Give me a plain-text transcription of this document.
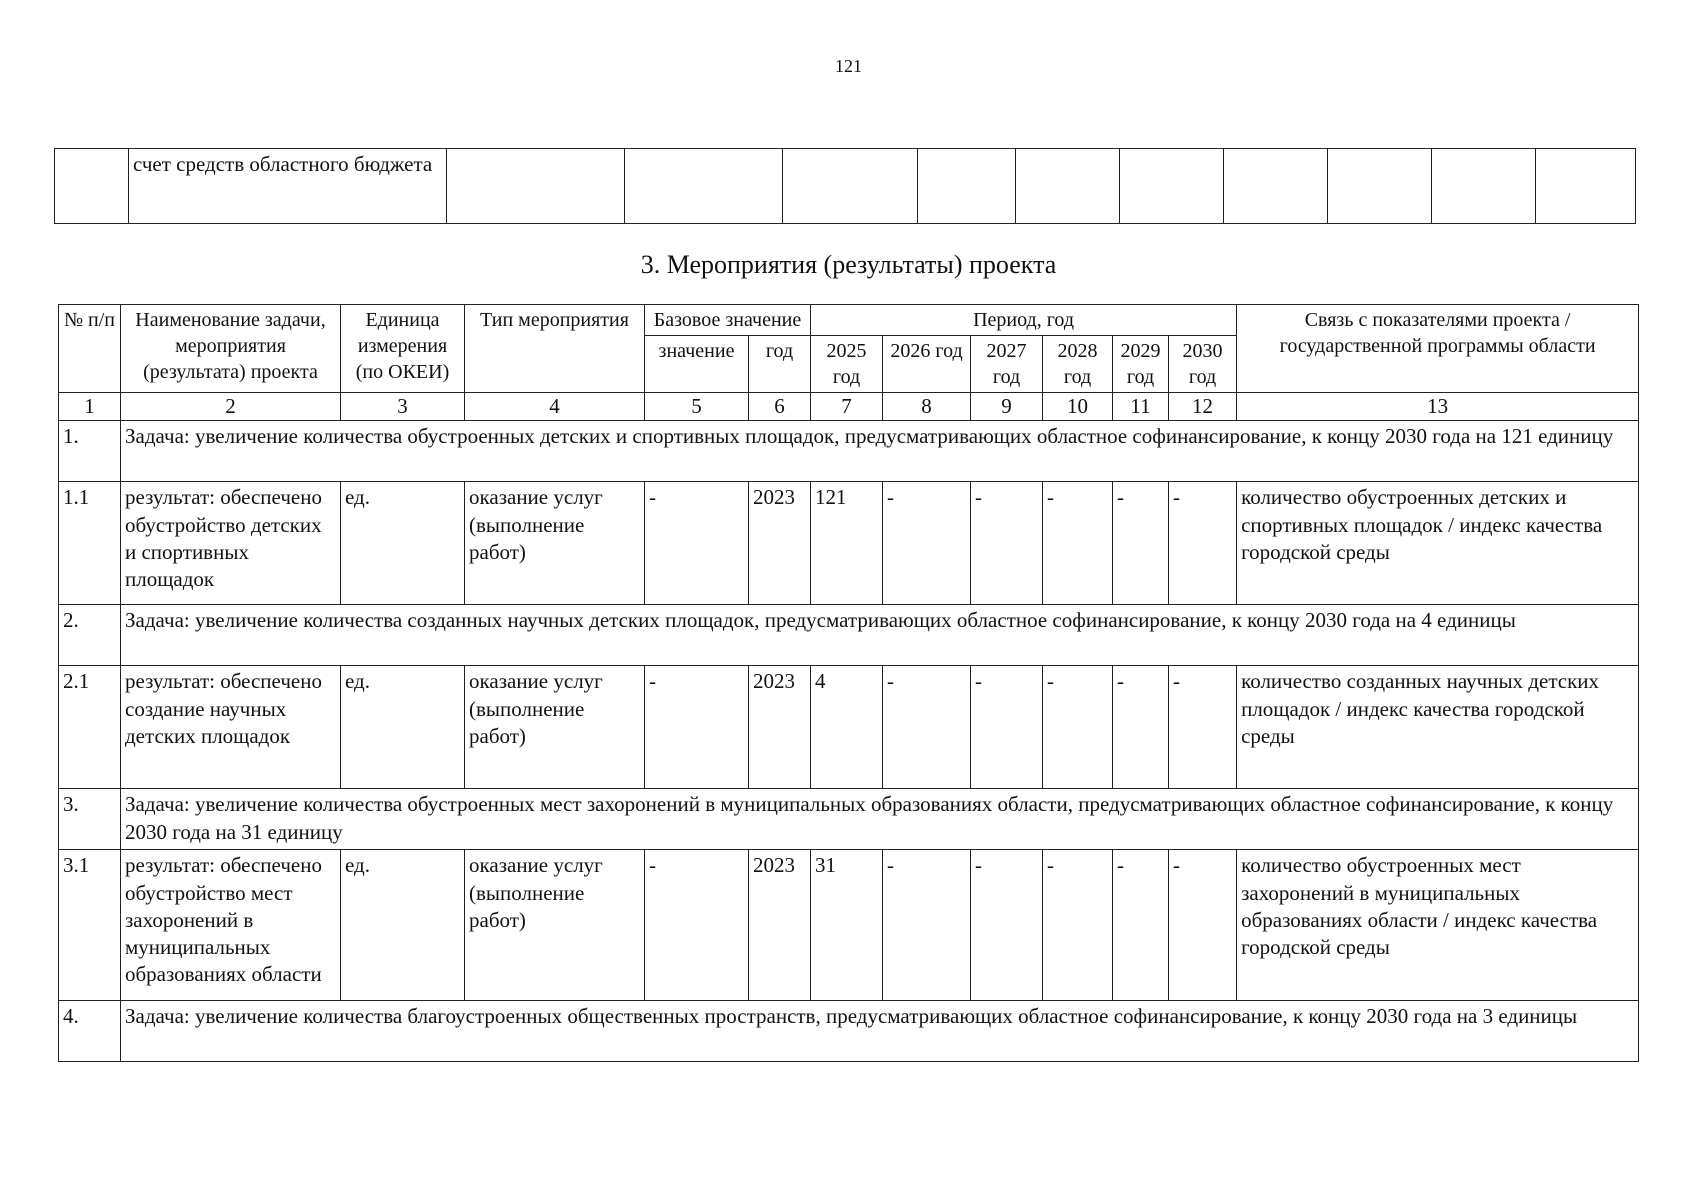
121
	счет средств областного бюджета										
3. Мероприятия (результаты) проекта
№ п/п	Наименование задачи, мероприятия (результата) проекта	Единица измерения (по ОКЕИ)	Тип мероприятия	Базовое значение		Период, год						Связь с показателями проекта / государственной программы области
				значение	год	2025 год	2026 год	2027 год	2028 год	2029 год	2030 год	
1	2	3	4	5	6	7	8	9	10	11	12	13
1.	Задача: увеличение количества обустроенных детских и спортивных площадок, предусматривающих областное софинансирование, к концу 2030 года на 121 единицу											
1.1	результат: обеспечено обустройство детских и спортивных площадок	ед.	оказание услуг (выполнение работ)	-	2023	121	-	-	-	-	-	количество обустроенных детских и спортивных площадок / индекс качества городской среды
2.	Задача: увеличение количества созданных научных детских площадок, предусматривающих областное софинансирование, к концу 2030 года на 4 единицы											
2.1	результат: обеспечено создание научных детских площадок	ед.	оказание услуг (выполнение работ)	-	2023	4	-	-	-	-	-	количество созданных научных детских площадок / индекс качества городской среды
3.	Задача: увеличение количества обустроенных мест захоронений в муниципальных образованиях области, предусматривающих областное софинансирование, к концу 2030 года на 31 единицу											
3.1	результат: обеспечено обустройство мест захоронений в муниципальных образованиях области	ед.	оказание услуг (выполнение работ)	-	2023	31	-	-	-	-	-	количество обустроенных мест захоронений в муниципальных образованиях области / индекс качества городской среды
4.	Задача: увеличение количества благоустроенных общественных пространств, предусматривающих областное софинансирование, к концу 2030 года на 3 единицы											
